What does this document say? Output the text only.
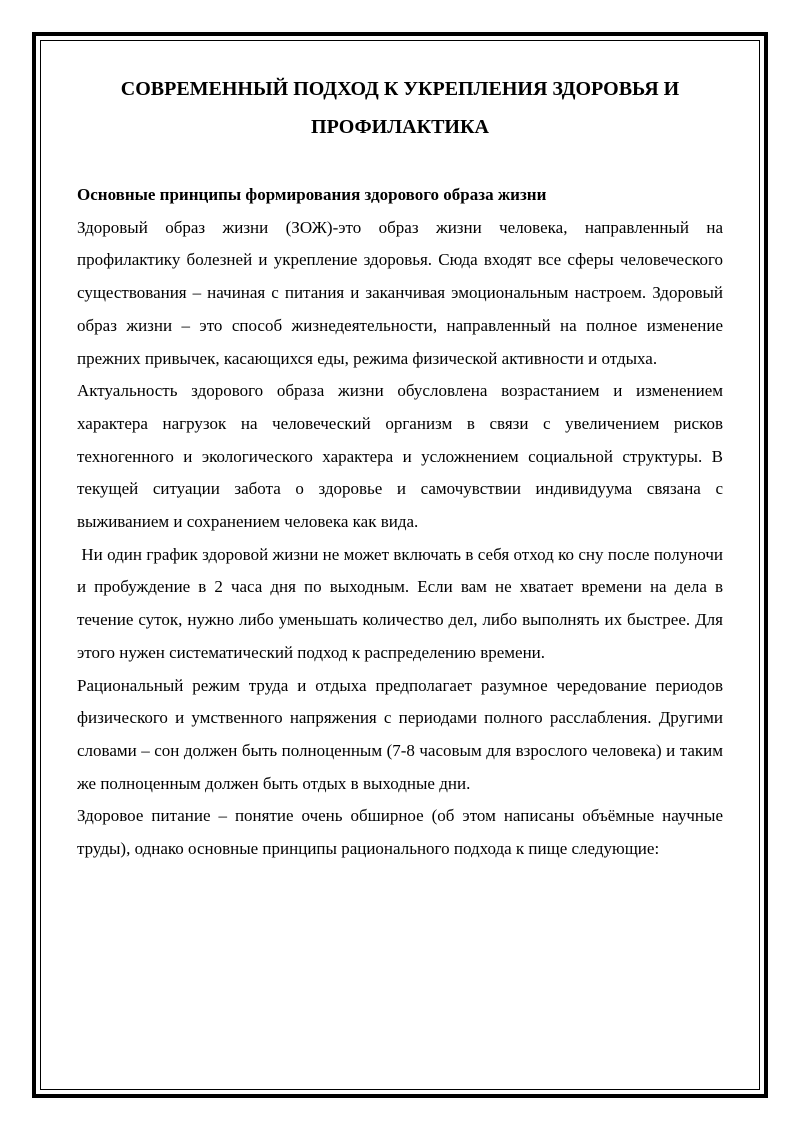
СОВРЕМЕННЫЙ ПОДХОД К УКРЕПЛЕНИЯ ЗДОРОВЬЯ И ПРОФИЛАКТИКА

Основные принципы формирования здорового образа жизни

Здоровый образ жизни (ЗОЖ)-это образ жизни человека, направленный на профилактику болезней и укрепление здоровья. Сюда входят все сферы человеческого существования – начиная с питания и заканчивая эмоциональным настроем. Здоровый образ жизни – это способ жизнедеятельности, направленный на полное изменение прежних привычек, касающихся еды, режима физической активности и отдыха.

Актуальность здорового образа жизни обусловлена возрастанием и изменением характера нагрузок на человеческий организм в связи с увеличением рисков техногенного и экологического характера и усложнением социальной структуры. В текущей ситуации забота о здоровье и самочувствии индивидуума связана с выживанием и сохранением человека как вида.

Ни один график здоровой жизни не может включать в себя отход ко сну после полуночи и пробуждение в 2 часа дня по выходным. Если вам не хватает времени на дела в течение суток, нужно либо уменьшать количество дел, либо выполнять их быстрее. Для этого нужен систематический подход к распределению времени.

Рациональный режим труда и отдыха предполагает разумное чередование периодов физического и умственного напряжения с периодами полного расслабления. Другими словами – сон должен быть полноценным (7-8 часовым для взрослого человека) и таким же полноценным должен быть отдых в выходные дни.

Здоровое питание – понятие очень обширное (об этом написаны объёмные научные труды), однако основные принципы рационального подхода к пище следующие:
